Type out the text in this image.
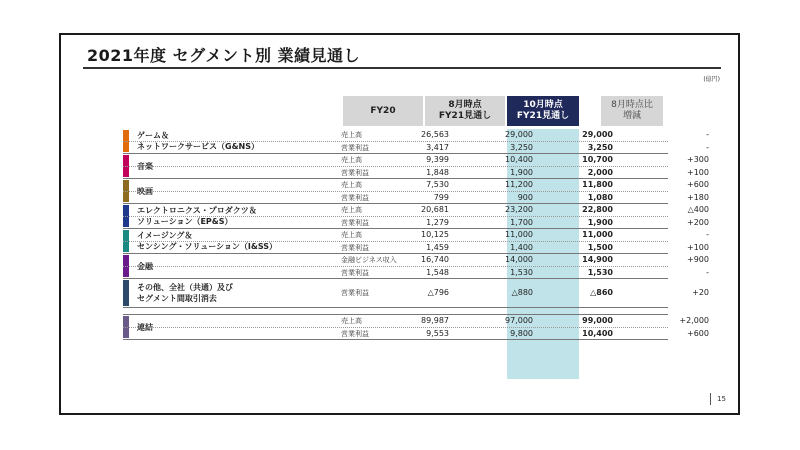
2021年度 セグメント別 業績見通し
(億円)
FY20
8月時点
FY21見通し
10月時点
FY21見通し
8月時点比
増減
ゲーム＆
ネットワークサービス（G&NS）
売上高	26,563	29,000	29,000	-
営業利益	3,417	3,250	3,250	-
音楽
売上高	9,399	10,400	10,700	+300
営業利益	1,848	1,900	2,000	+100
映画
売上高	7,530	11,200	11,800	+600
営業利益	799	900	1,080	+180
エレクトロニクス・プロダクツ＆
ソリューション（EP&S）
売上高	20,681	23,200	22,800	△400
営業利益	1,279	1,700	1,900	+200
イメージング＆
センシング・ソリューション（I&SS）
売上高	10,125	11,000	11,000	-
営業利益	1,459	1,400	1,500	+100
金融
金融ビジネス収入	16,740	14,000	14,900	+900
営業利益	1,548	1,530	1,530	-
その他、全社（共通）及び
セグメント間取引消去
営業利益	△796	△880	△860	+20
連結
売上高	89,987	97,000	99,000	+2,000
営業利益	9,553	9,800	10,400	+600
15
